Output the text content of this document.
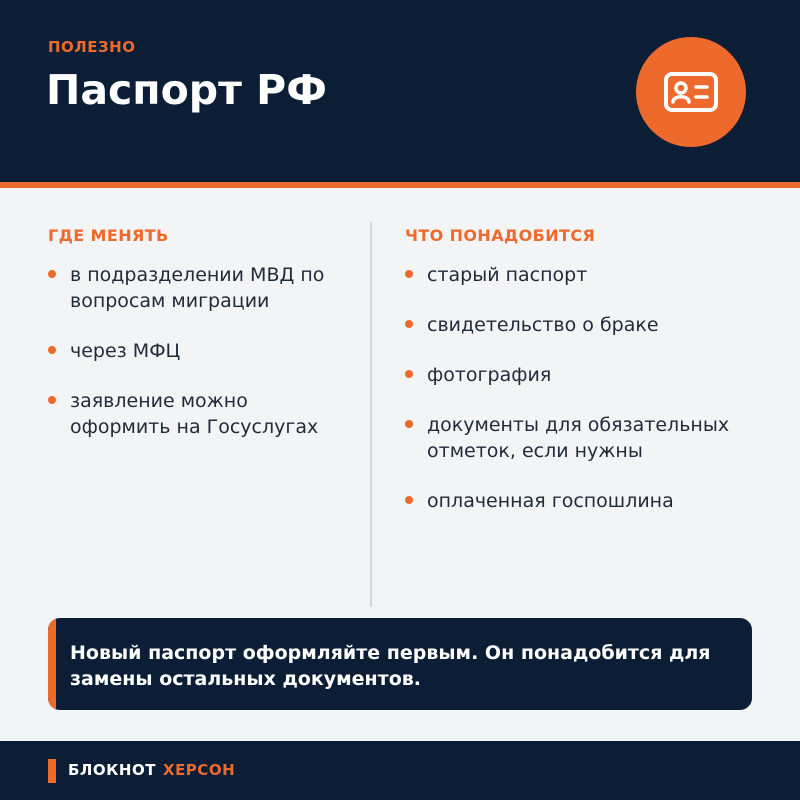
ПОЛЕЗНО
Паспорт РФ
ГДЕ МЕНЯТЬ
в подразделении МВД по вопросам миграции
через МФЦ
заявление можно оформить на Госуслугах
ЧТО ПОНАДОБИТСЯ
старый паспорт
свидетельство о браке
фотография
документы для обязательных отметок, если нужны
оплаченная госпошлина
Новый паспорт оформляйте первым. Он понадобится для замены остальных документов.
БЛОКНОТ ХЕРСОН
